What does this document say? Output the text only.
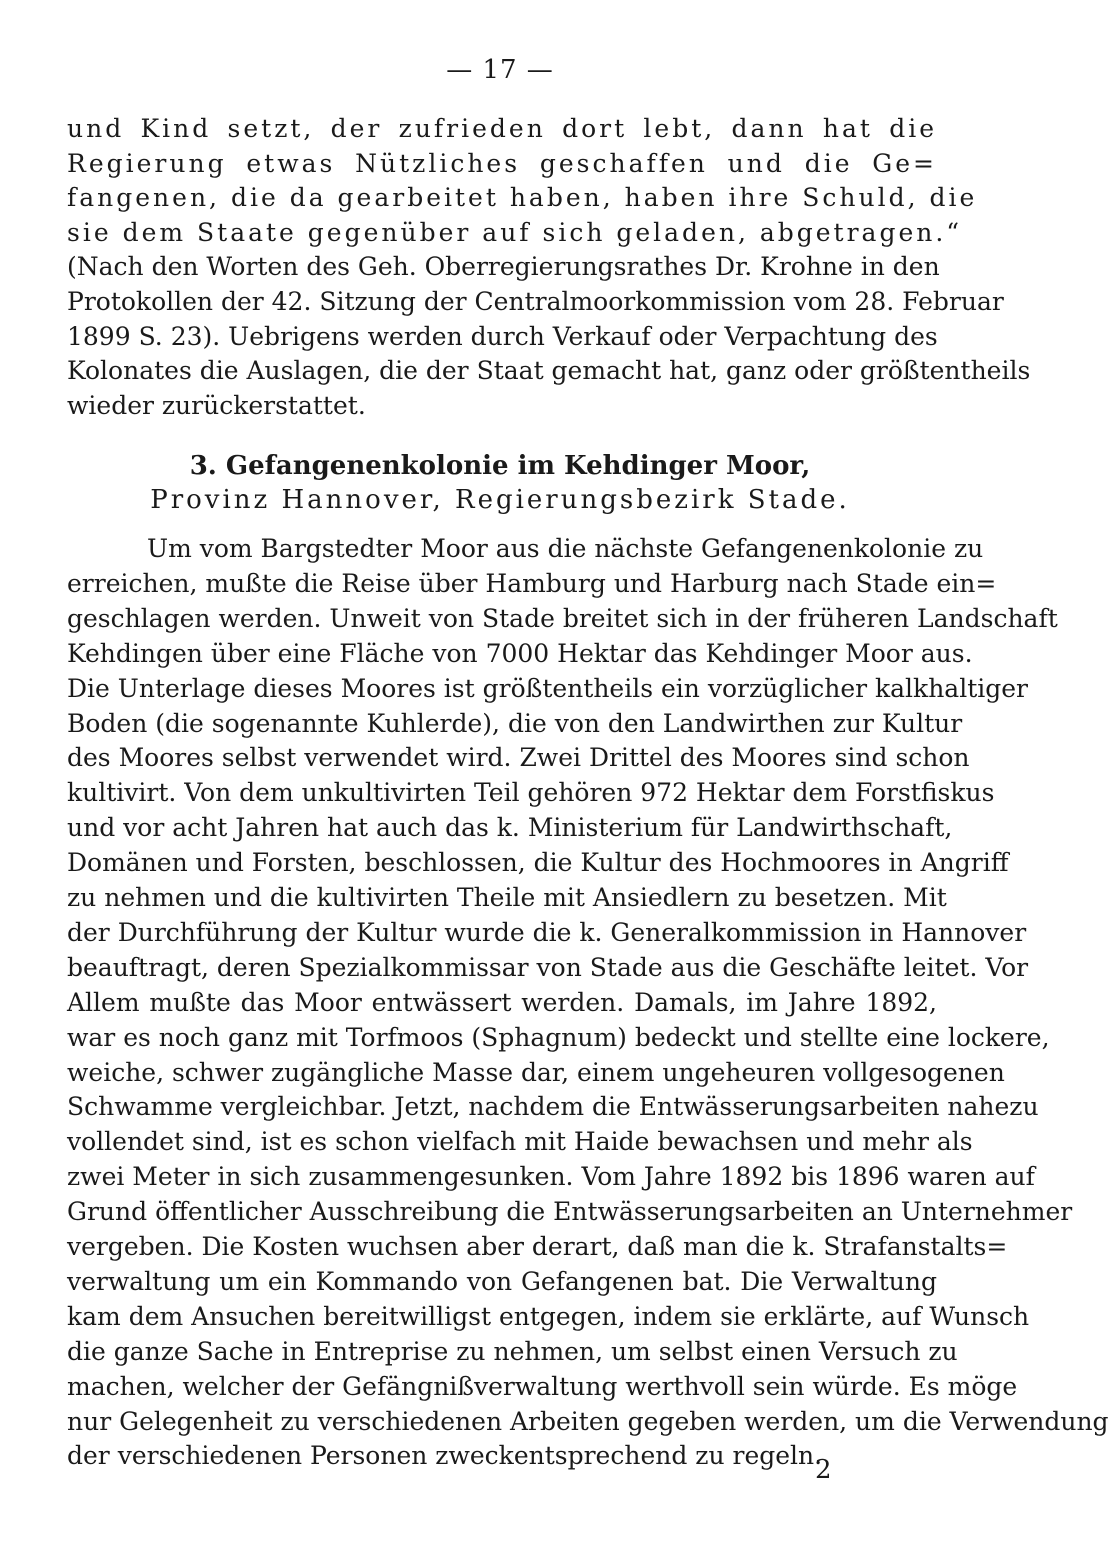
— 17 —
und Kind setzt, der zufrieden dort lebt, dann hat die
Regierung etwas Nützliches geschaffen und die Ge=
fangenen, die da gearbeitet haben, haben ihre Schuld, die
sie dem Staate gegenüber auf sich geladen, abgetragen.“
(Nach den Worten des Geh. Oberregierungsrathes Dr. Krohne in den
Protokollen der 42. Sitzung der Centralmoorkommission vom 28. Februar
1899 S. 23). Uebrigens werden durch Verkauf oder Verpachtung des
Kolonates die Auslagen, die der Staat gemacht hat, ganz oder größtentheils
wieder zurückerstattet.
3. Gefangenenkolonie im Kehdinger Moor,
Provinz Hannover, Regierungsbezirk Stade.
Um vom Bargstedter Moor aus die nächste Gefangenenkolonie zu
erreichen, mußte die Reise über Hamburg und Harburg nach Stade ein=
geschlagen werden. Unweit von Stade breitet sich in der früheren Landschaft
Kehdingen über eine Fläche von 7000 Hektar das Kehdinger Moor aus.
Die Unterlage dieses Moores ist größtentheils ein vorzüglicher kalkhaltiger
Boden (die sogenannte Kuhlerde), die von den Landwirthen zur Kultur
des Moores selbst verwendet wird. Zwei Drittel des Moores sind schon
kultivirt. Von dem unkultivirten Teil gehören 972 Hektar dem Forstfiskus
und vor acht Jahren hat auch das k. Ministerium für Landwirthschaft,
Domänen und Forsten, beschlossen, die Kultur des Hochmoores in Angriff
zu nehmen und die kultivirten Theile mit Ansiedlern zu besetzen. Mit
der Durchführung der Kultur wurde die k. Generalkommission in Hannover
beauftragt, deren Spezialkommissar von Stade aus die Geschäfte leitet. Vor
Allem mußte das Moor entwässert werden. Damals, im Jahre 1892,
war es noch ganz mit Torfmoos (Sphagnum) bedeckt und stellte eine lockere,
weiche, schwer zugängliche Masse dar, einem ungeheuren vollgesogenen
Schwamme vergleichbar. Jetzt, nachdem die Entwässerungsarbeiten nahezu
vollendet sind, ist es schon vielfach mit Haide bewachsen und mehr als
zwei Meter in sich zusammengesunken. Vom Jahre 1892 bis 1896 waren auf
Grund öffentlicher Ausschreibung die Entwässerungsarbeiten an Unternehmer
vergeben. Die Kosten wuchsen aber derart, daß man die k. Strafanstalts=
verwaltung um ein Kommando von Gefangenen bat. Die Verwaltung
kam dem Ansuchen bereitwilligst entgegen, indem sie erklärte, auf Wunsch
die ganze Sache in Entreprise zu nehmen, um selbst einen Versuch zu
machen, welcher der Gefängnißverwaltung werthvoll sein würde. Es möge
nur Gelegenheit zu verschiedenen Arbeiten gegeben werden, um die Verwendung
der verschiedenen Personen zweckentsprechend zu regeln.
2
